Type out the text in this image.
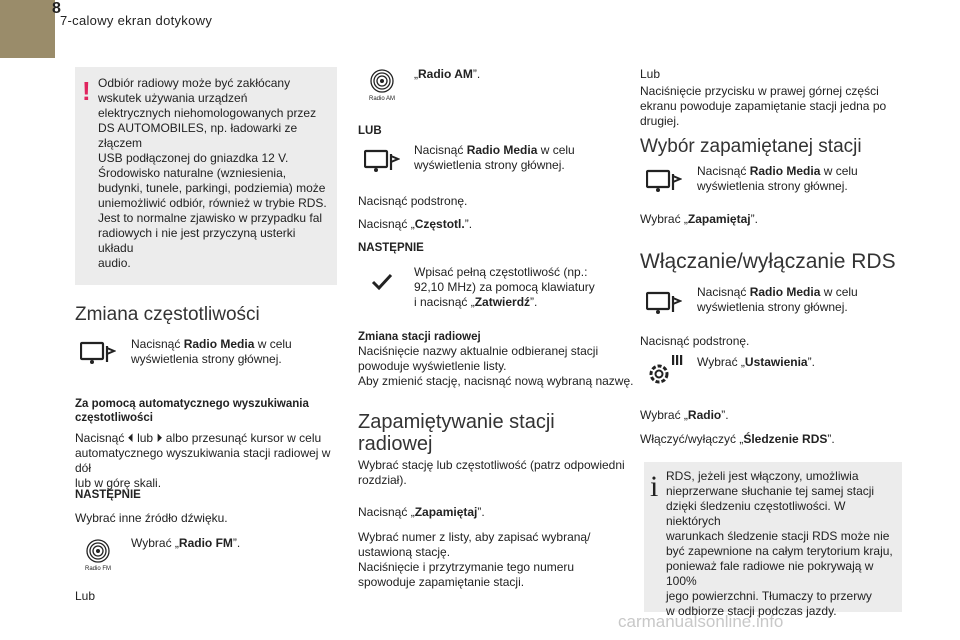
8
7-calowy ekran dotykowy
! Odbiór radiowy może być zakłócany
wskutek używania urządzeń
elektrycznych niehomologowanych przez
DS AUTOMOBILES, np. ładowarki ze złączem
USB podłączonej do gniazdka 12 V.
Środowisko naturalne (wzniesienia,
budynki, tunele, parkingi, podziemia) może
uniemożliwić odbiór, również w trybie RDS.
Jest to normalne zjawisko w przypadku fal
radiowych i nie jest przyczyną usterki układu
audio.
Zmiana częstotliwości
Nacisnąć Radio Media w celu
wyświetlenia strony głównej.
Za pomocą automatycznego wyszukiwania
częstotliwości
Nacisnąć ⏴ lub ⏵ albo przesunąć kursor w celu
automatycznego wyszukiwania stacji radiowej w dół
lub w górę skali.
NASTĘPNIE
Wybrać inne źródło dźwięku.
Radio FM
Wybrać „Radio FM”.
Lub
Radio AM
„Radio AM”.
LUB
Nacisnąć Radio Media w celu
wyświetlenia strony głównej.
Nacisnąć podstronę.
Nacisnąć „Częstotl.”.
NASTĘPNIE
Wpisać pełną częstotliwość (np.:
92,10 MHz) za pomocą klawiatury
i nacisnąć „Zatwierdź”.
Zmiana stacji radiowej
Naciśnięcie nazwy aktualnie odbieranej stacji
powoduje wyświetlenie listy.
Aby zmienić stację, nacisnąć nową wybraną nazwę.
Zapamiętywanie stacji
radiowej
Wybrać stację lub częstotliwość (patrz odpowiedni
rozdział).
Nacisnąć „Zapamiętaj”.
Wybrać numer z listy, aby zapisać wybraną/
ustawioną stację.
Naciśnięcie i przytrzymanie tego numeru
spowoduje zapamiętanie stacji.
Lub
Naciśnięcie przycisku w prawej górnej części
ekranu powoduje zapamiętanie stacji jedna po
drugiej.
Wybór zapamiętanej stacji
Nacisnąć Radio Media w celu
wyświetlenia strony głównej.
Wybrać „Zapamiętaj”.
Włączanie/wyłączanie RDS
Nacisnąć Radio Media w celu
wyświetlenia strony głównej.
Nacisnąć podstronę.
Wybrać „Ustawienia”.
Wybrać „Radio”.
Włączyć/wyłączyć „Śledzenie RDS”.
i RDS, jeżeli jest włączony, umożliwia
nieprzerwane słuchanie tej samej stacji
dzięki śledzeniu częstotliwości. W niektórych
warunkach śledzenie stacji RDS może nie
być zapewnione na całym terytorium kraju,
ponieważ fale radiowe nie pokrywają w 100%
jego powierzchni. Tłumaczy to przerwy
w odbiorze stacji podczas jazdy.
carmanualsonline.info
